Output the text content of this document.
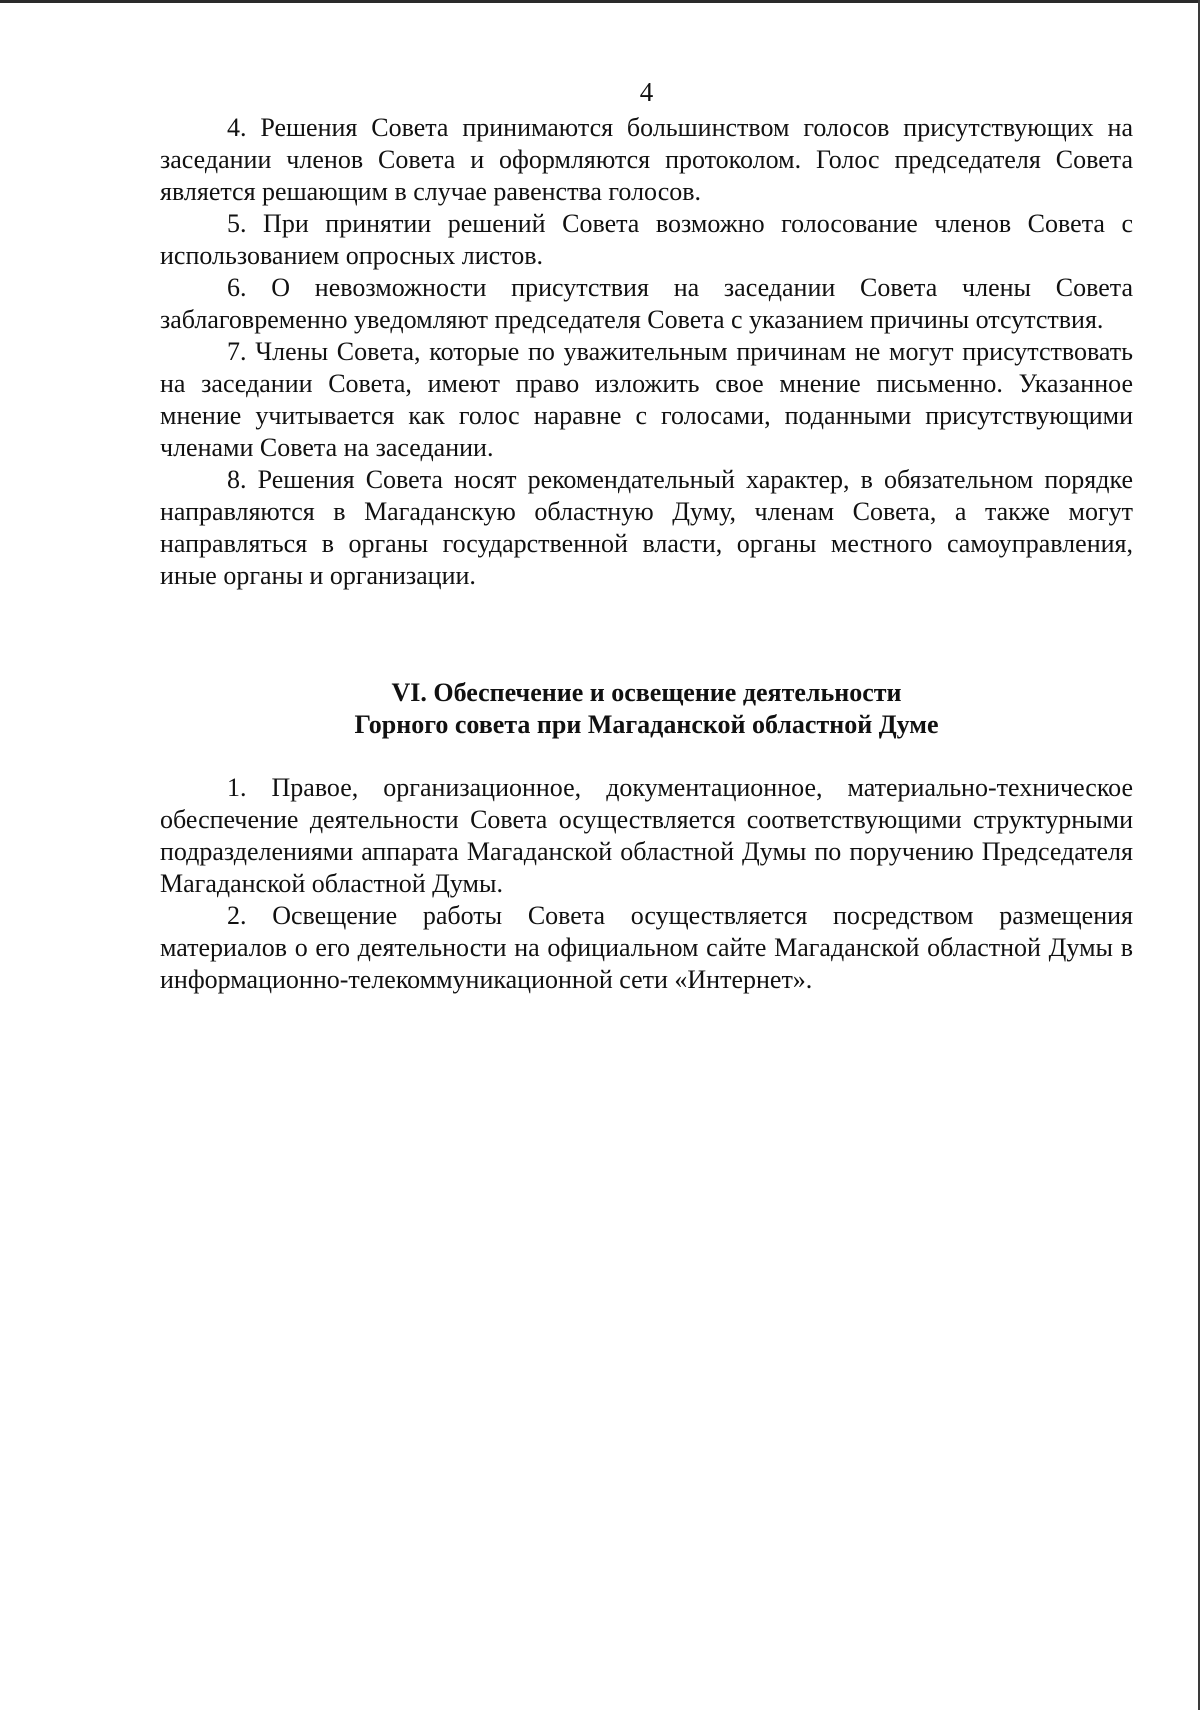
4

4. Решения Совета принимаются большинством голосов присутствующих на заседании членов Совета и оформляются протоколом. Голос председателя Совета является решающим в случае равенства голосов.

5. При принятии решений Совета возможно голосование членов Совета с использованием опросных листов.

6. О невозможности присутствия на заседании Совета члены Совета заблаговременно уведомляют председателя Совета с указанием причины отсутствия.

7. Члены Совета, которые по уважительным причинам не могут присутствовать на заседании Совета, имеют право изложить свое мнение письменно. Указанное мнение учитывается как голос наравне с голосами, поданными присутствующими членами Совета на заседании.

8. Решения Совета носят рекомендательный характер, в обязательном порядке направляются в Магаданскую областную Думу, членам Совета, а также могут направляться в органы государственной власти, органы местного самоуправления, иные органы и организации.

VI. Обеспечение и освещение деятельности
Горного совета при Магаданской областной Думе

1. Правое, организационное, документационное, материально-техническое обеспечение деятельности Совета осуществляется соответствующими структурными подразделениями аппарата Магаданской областной Думы по поручению Председателя Магаданской областной Думы.

2. Освещение работы Совета осуществляется посредством размещения материалов о его деятельности на официальном сайте Магаданской областной Думы в информационно-телекоммуникационной сети «Интернет».
